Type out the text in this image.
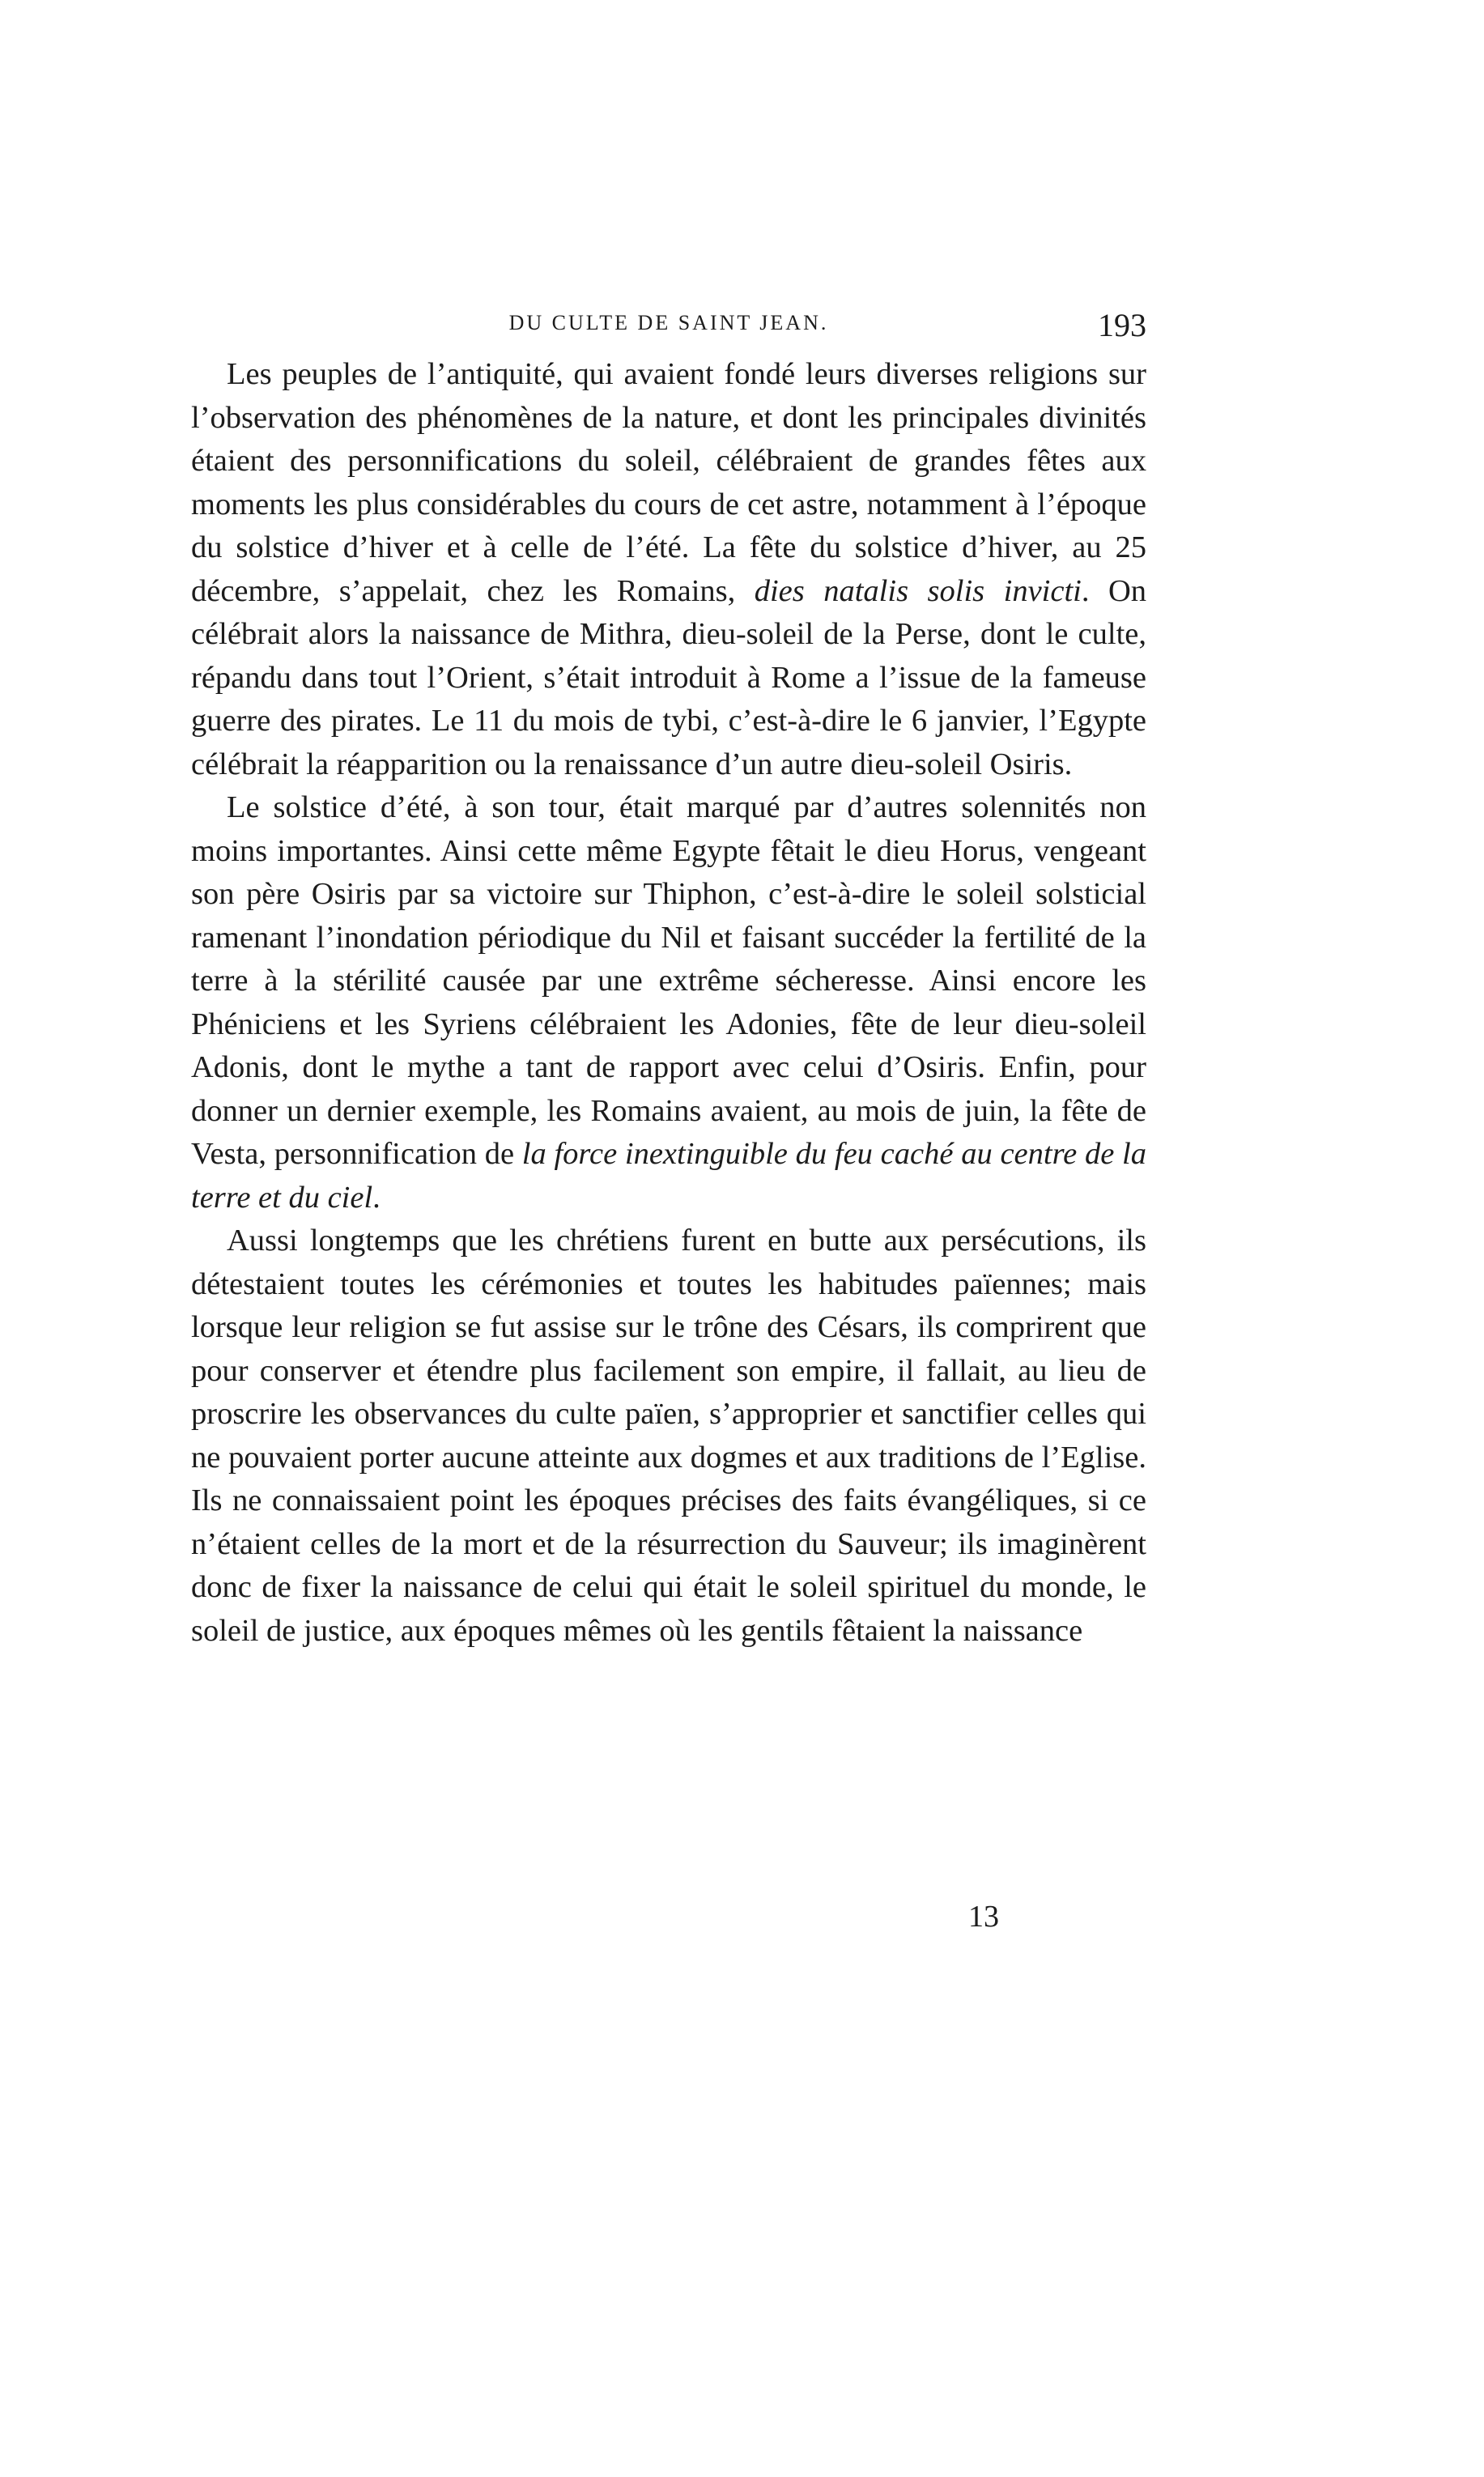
DU CULTE DE SAINT JEAN.	193

Les peuples de l’antiquité, qui avaient fondé leurs diverses religions sur l’observation des phénomènes de la nature, et dont les principales divinités étaient des personnifications du soleil, célébraient de grandes fêtes aux moments les plus considérables du cours de cet astre, notamment à l’époque du solstice d’hiver et à celle de l’été. La fête du solstice d’hiver, au 25 décembre, s’appelait, chez les Romains, dies natalis solis invicti. On célébrait alors la naissance de Mithra, dieu-soleil de la Perse, dont le culte, répandu dans tout l’Orient, s’était introduit à Rome a l’issue de la fameuse guerre des pirates. Le 11 du mois de tybi, c’est-à-dire le 6 janvier, l’Egypte célébrait la réapparition ou la renaissance d’un autre dieu-soleil Osiris.

Le solstice d’été, à son tour, était marqué par d’autres solennités non moins importantes. Ainsi cette même Egypte fêtait le dieu Horus, vengeant son père Osiris par sa victoire sur Thiphon, c’est-à-dire le soleil solsticial ramenant l’inondation périodique du Nil et faisant succéder la fertilité de la terre à la stérilité causée par une extrême sécheresse. Ainsi encore les Phéniciens et les Syriens célébraient les Adonies, fête de leur dieu-soleil Adonis, dont le mythe a tant de rapport avec celui d’Osiris. Enfin, pour donner un dernier exemple, les Romains avaient, au mois de juin, la fête de Vesta, personnification de la force inextinguible du feu caché au centre de la terre et du ciel.

Aussi longtemps que les chrétiens furent en butte aux persécutions, ils détestaient toutes les cérémonies et toutes les habitudes païennes; mais lorsque leur religion se fut assise sur le trône des Césars, ils comprirent que pour conserver et étendre plus facilement son empire, il fallait, au lieu de proscrire les observances du culte païen, s’approprier et sanctifier celles qui ne pouvaient porter aucune atteinte aux dogmes et aux traditions de l’Eglise. Ils ne connaissaient point les époques précises des faits évangéliques, si ce n’étaient celles de la mort et de la résurrection du Sauveur; ils imaginèrent donc de fixer la naissance de celui qui était le soleil spirituel du monde, le soleil de justice, aux époques mêmes où les gentils fêtaient la naissance

13
